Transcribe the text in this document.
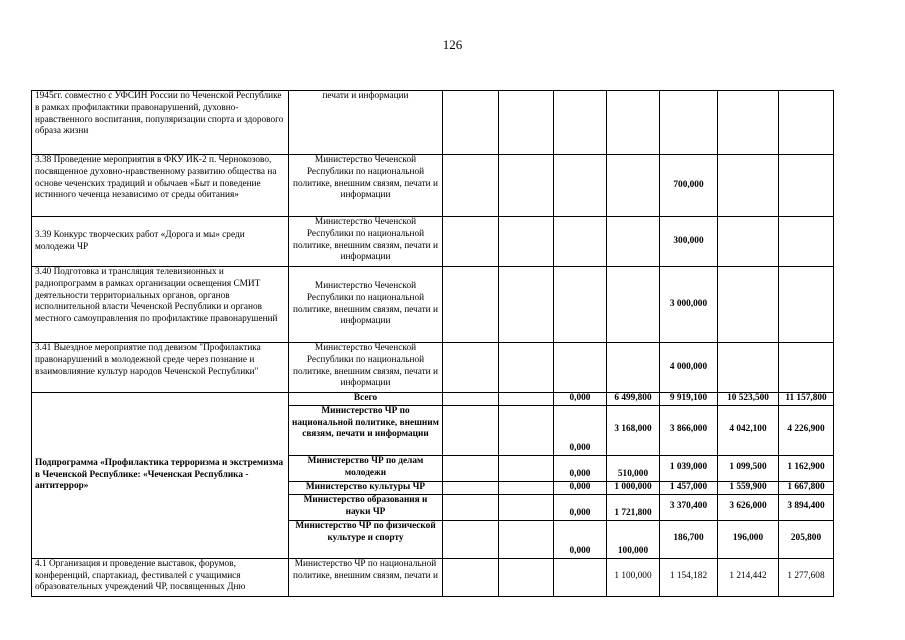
126
1945гг. совместно с УФСИН России по Чеченской Республике в рамках профилактики правонарушений, духовно-нравственного воспитания, популяризации спорта и здорового образа жизни	печати и информации							
3.38 Проведение мероприятия в ФКУ ИК-2 п. Чернокозово, посвященное духовно-нравственному развитию общества на основе чеченских традиций и обычаев «Быт и поведение истинного чеченца независимо от среды обитания»	Министерство Чеченской Республики по национальной политике, внешним связям, печати и информации					700,000		
3.39 Конкурс творческих работ «Дорога и мы» среди молодежи ЧР	Министерство Чеченской Республики по национальной политике, внешним связям, печати и информации					300,000		
3.40 Подготовка и трансляция телевизионных и радиопрограмм в рамках организации освещения СМИТ деятельности территориальных органов, органов исполнительной власти Чеченской Республики и органов местного самоуправления по профилактике правонарушений	Министерство Чеченской Республики по национальной политике, внешним связям, печати и информации					3 000,000		
3.41 Выездное мероприятие под девизом "Профилактика правонарушений в молодежной среде через познание и взаимовлияние культур народов Чеченской Республики"	Министерство Чеченской Республики по национальной политике, внешним связям, печати и информации					4 000,000		
Подпрограмма «Профилактика терроризма и экстремизма в Чеченской Республике: «Чеченская Республика - антитеррор»	Всего			0,000	6 499,800	9 919,100	10 523,500	11 157,800
	Министерство ЧР по национальной политике, внешним связям, печати и информации			0,000	3 168,000	3 866,000	4 042,100	4 226,900
	Министерство ЧР по делам молодежи			0,000	510,000	1 039,000	1 099,500	1 162,900
	Министерство культуры ЧР			0,000	1 000,000	1 457,000	1 559,900	1 667,800
	Министерство образования и науки ЧР			0,000	1 721,800	3 370,400	3 626,000	3 894,400
	Министерство ЧР по физической культуре и спорту			0,000	100,000	186,700	196,000	205,800
4.1 Организация и проведение выставок, форумов, конференций, спартакиад, фестивалей с учащимися образовательных учреждений ЧР, посвященных Дню	Министерство ЧР по национальной политике, внешним связям, печати и				1 100,000	1 154,182	1 214,442	1 277,608
